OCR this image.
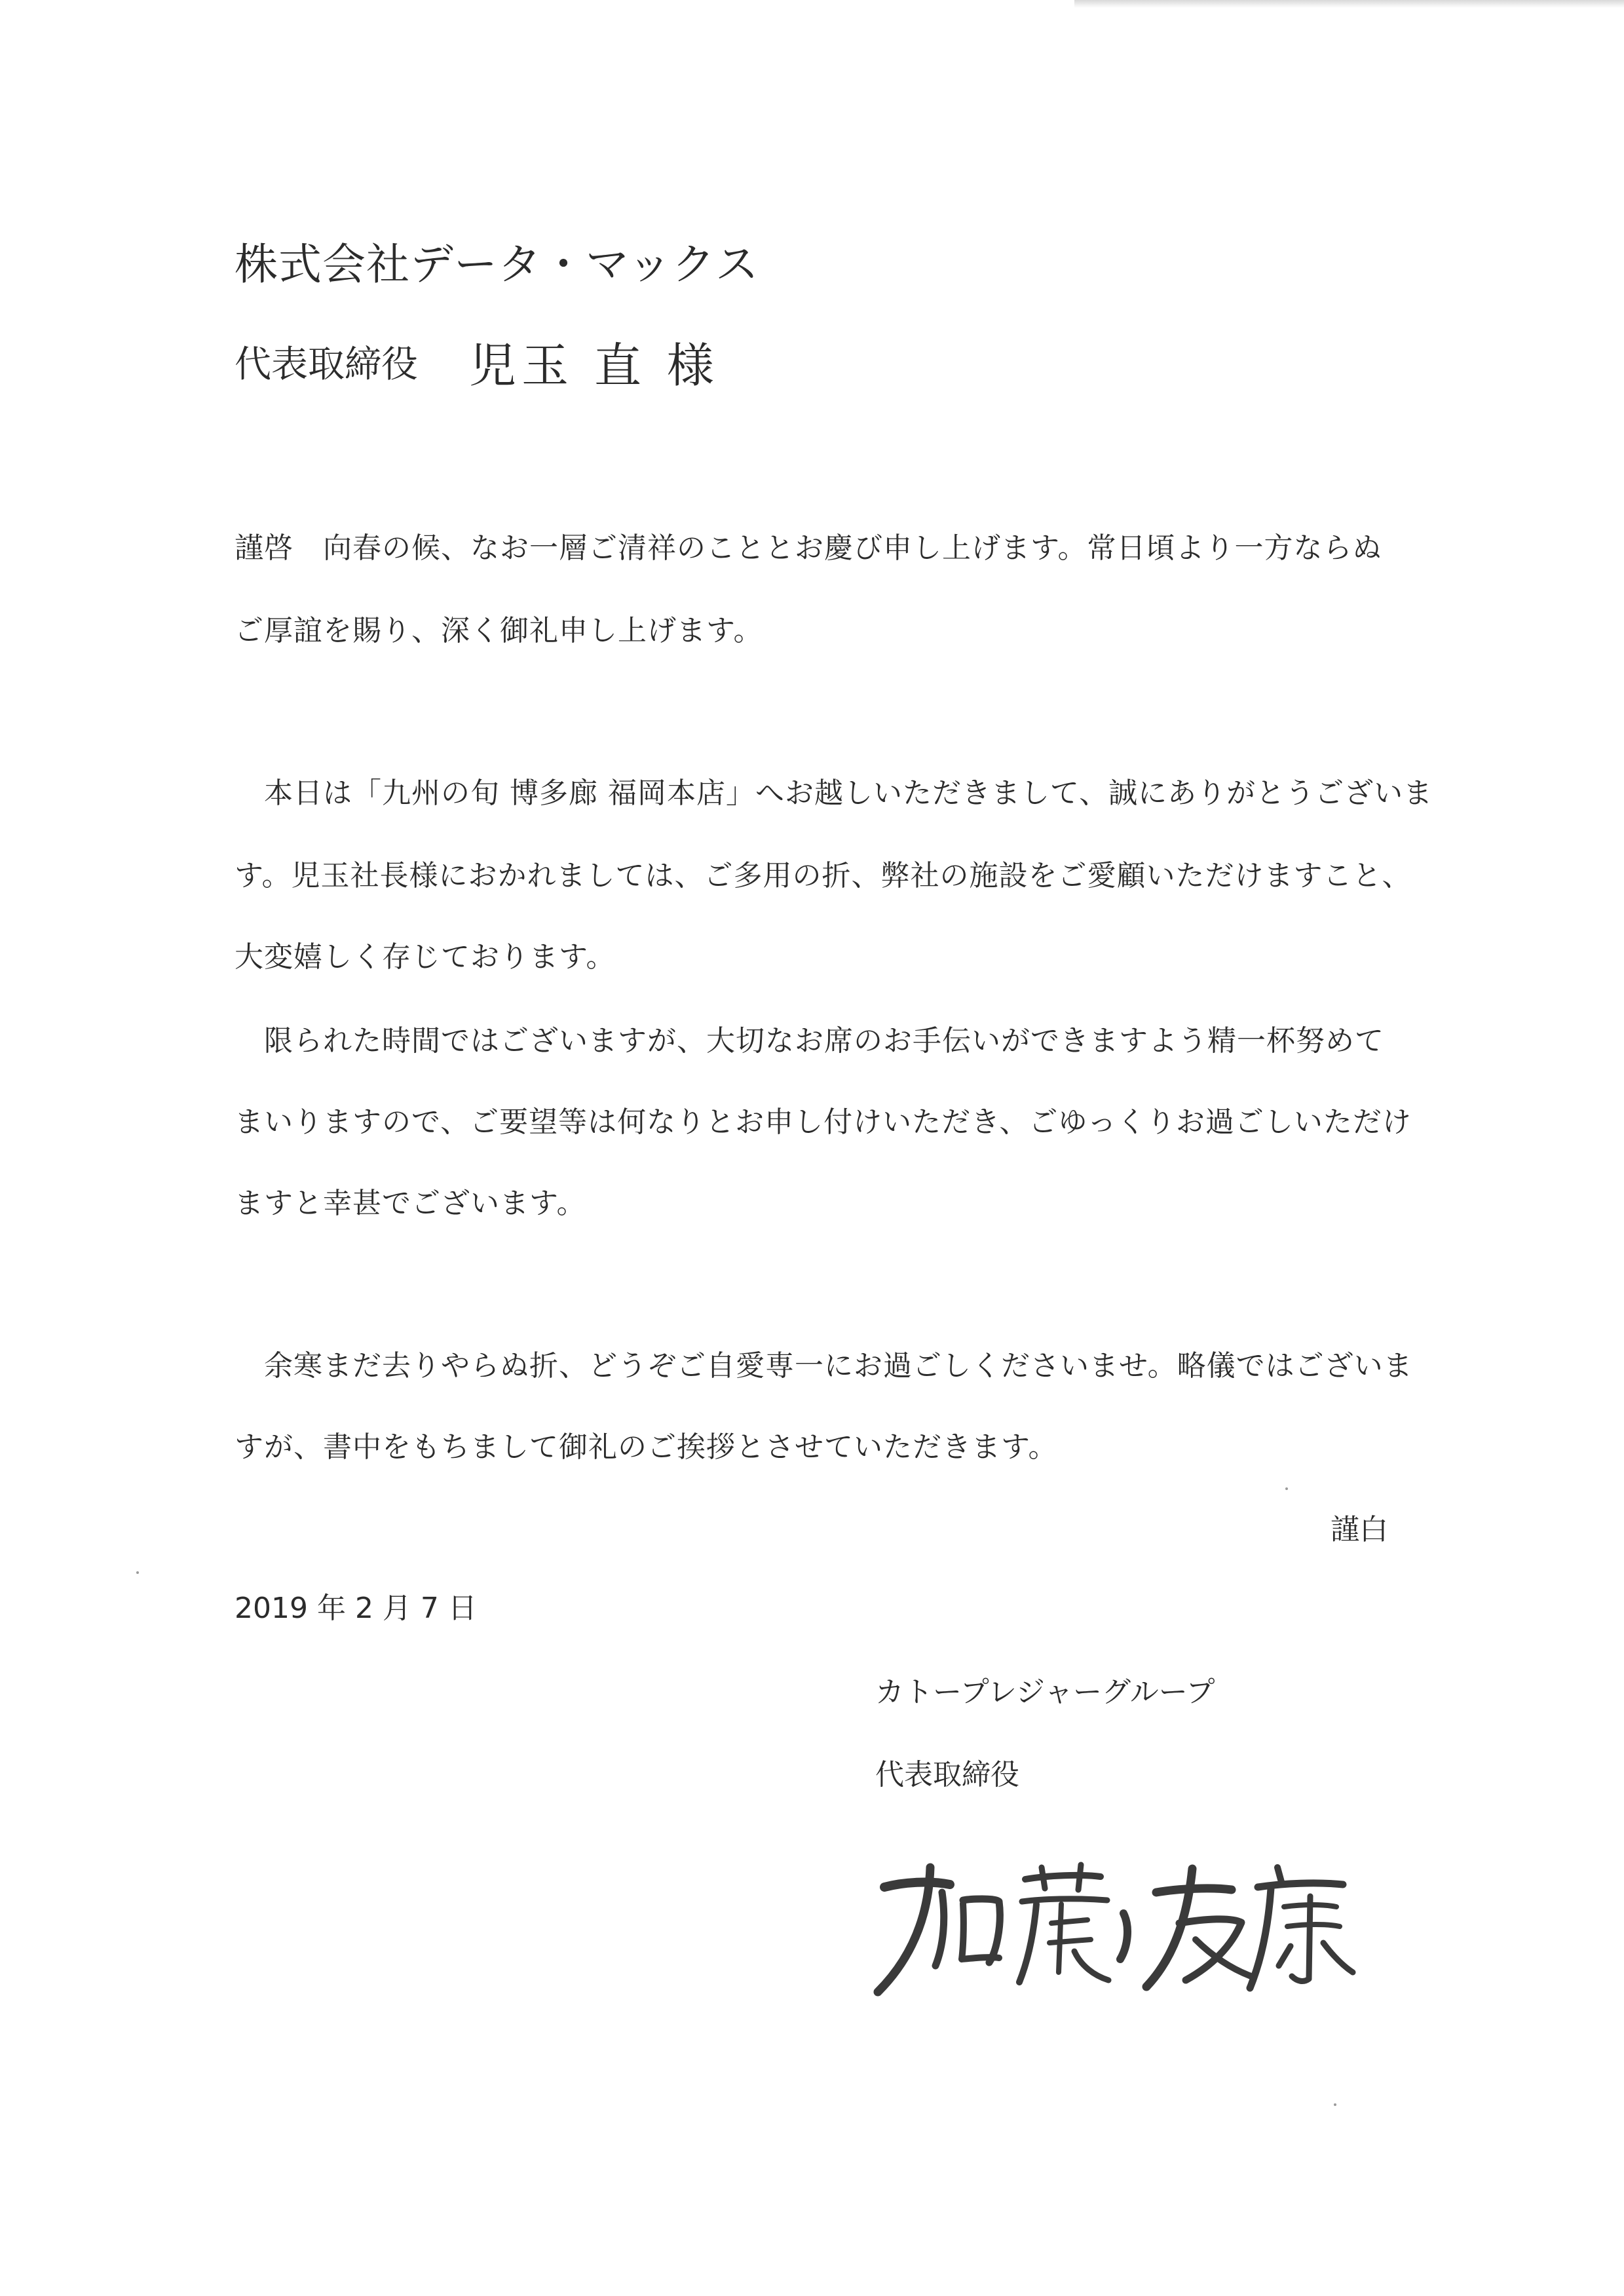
株式会社データ・マックス

代表取締役 児玉 直 様

謹啓　向春の候、なお一層ご清祥のこととお慶び申し上げます。常日頃より一方ならぬ

ご厚誼を賜り、深く御礼申し上げます。

　本日は「九州の旬 博多廊 福岡本店」へお越しいただきまして、誠にありがとうございま

す。児玉社長様におかれましては、ご多用の折、弊社の施設をご愛顧いただけますこと、

大変嬉しく存じております。

　限られた時間ではございますが、大切なお席のお手伝いができますよう精一杯努めて

まいりますので、ご要望等は何なりとお申し付けいただき、ごゆっくりお過ごしいただけ

ますと幸甚でございます。

　余寒まだ去りやらぬ折、どうぞご自愛専一にお過ごしくださいませ。略儀ではございま

すが、書中をもちまして御礼のご挨拶とさせていただきます。

謹白

2019 年 2 月 7 日

カトープレジャーグループ

代表取締役
